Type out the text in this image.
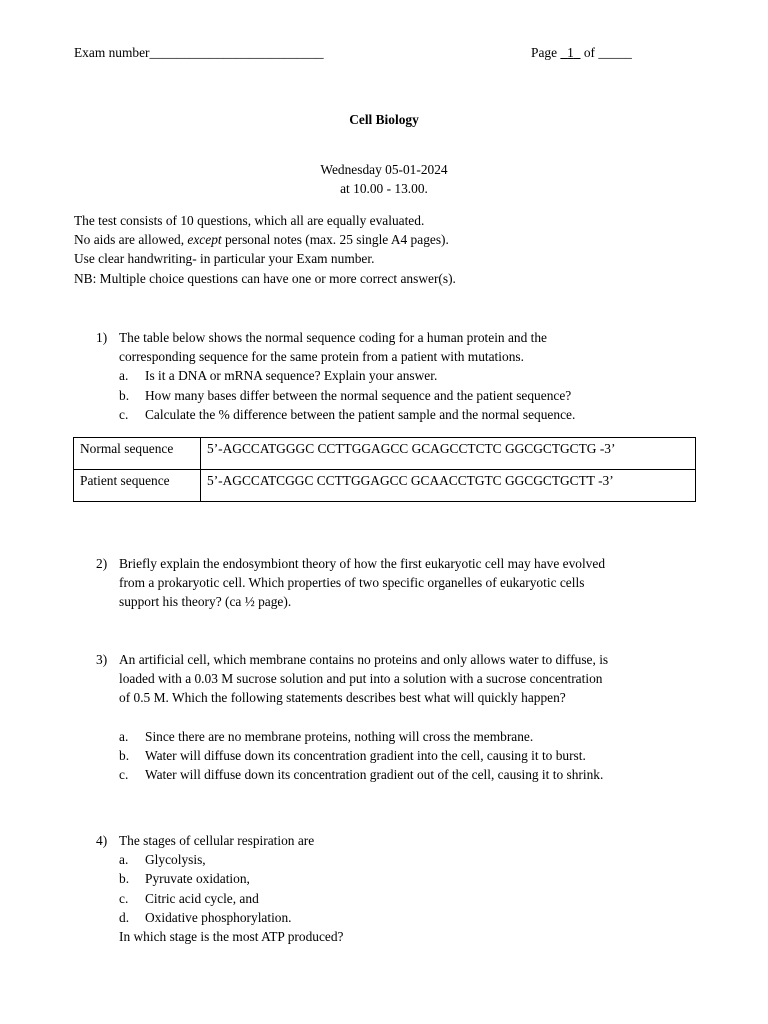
Exam number__________________________	Page 1 of _____
Cell Biology
Wednesday 05-01-2024
at 10.00 - 13.00.
The test consists of 10 questions, which all are equally evaluated.
No aids are allowed, except personal notes (max. 25 single A4 pages).
Use clear handwriting- in particular your Exam number.
NB: Multiple choice questions can have one or more correct answer(s).
1) The table below shows the normal sequence coding for a human protein and the
corresponding sequence for the same protein from a patient with mutations.
a.	Is it a DNA or mRNA sequence? Explain your answer.
b.	How many bases differ between the normal sequence and the patient sequence?
c.	Calculate the % difference between the patient sample and the normal sequence.
Normal sequence	5’-AGCCATGGGC CCTTGGAGCC GCAGCCTCTC GGCGCTGCTG -3’
Patient sequence	5’-AGCCATCGGC CCTTGGAGCC GCAACCTGTC GGCGCTGCTT -3’
2) Briefly explain the endosymbiont theory of how the first eukaryotic cell may have evolved
from a prokaryotic cell. Which properties of two specific organelles of eukaryotic cells
support his theory? (ca ½ page).
3) An artificial cell, which membrane contains no proteins and only allows water to diffuse, is
loaded with a 0.03 M sucrose solution and put into a solution with a sucrose concentration
of 0.5 M. Which the following statements describes best what will quickly happen?
a.	Since there are no membrane proteins, nothing will cross the membrane.
b.	Water will diffuse down its concentration gradient into the cell, causing it to burst.
c.	Water will diffuse down its concentration gradient out of the cell, causing it to shrink.
4) The stages of cellular respiration are
a.	Glycolysis,
b.	Pyruvate oxidation,
c.	Citric acid cycle, and
d.	Oxidative phosphorylation.
In which stage is the most ATP produced?
